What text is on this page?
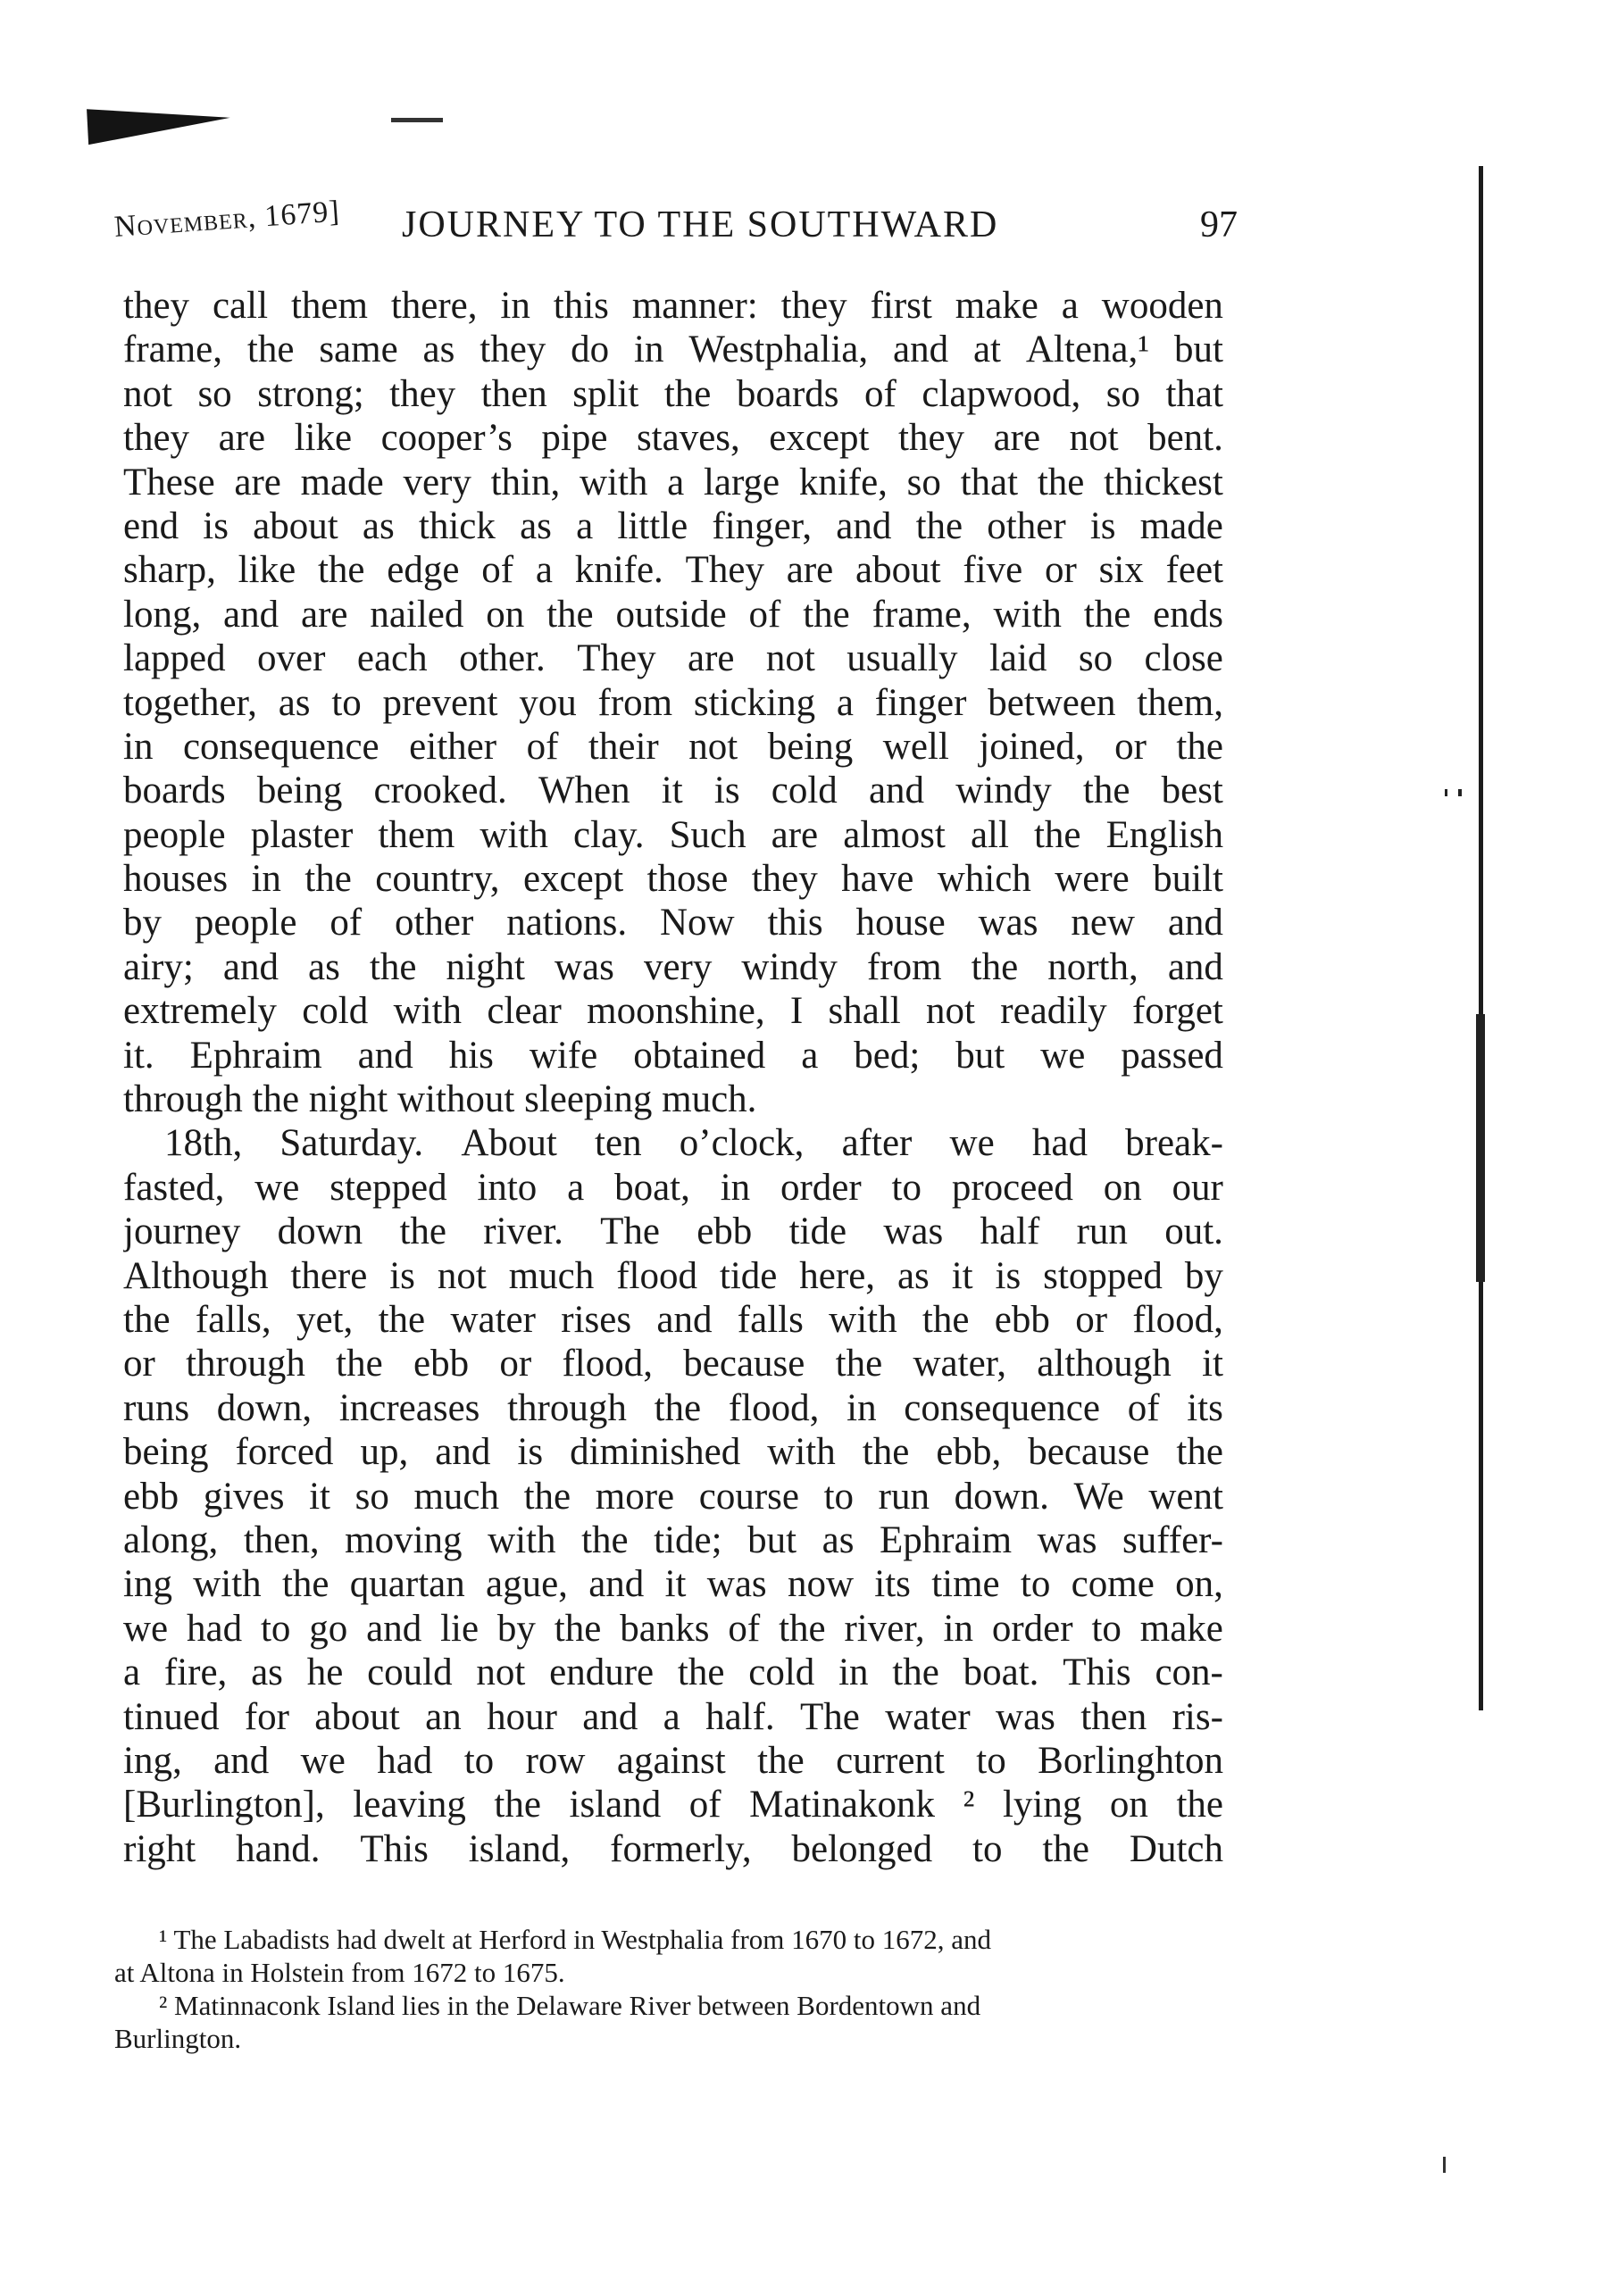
November, 1679] JOURNEY TO THE SOUTHWARD	97
they call them there, in this manner: they first make a wooden
frame, the same as they do in Westphalia, and at Altena,¹ but
not so strong; they then split the boards of clapwood, so that
they are like cooper’s pipe staves, except they are not bent.
These are made very thin, with a large knife, so that the thickest
end is about as thick as a little finger, and the other is made
sharp, like the edge of a knife. They are about five or six feet
long, and are nailed on the outside of the frame, with the ends
lapped over each other. They are not usually laid so close
together, as to prevent you from sticking a finger between them,
in consequence either of their not being well joined, or the
boards being crooked. When it is cold and windy the best
people plaster them with clay. Such are almost all the English
houses in the country, except those they have which were built
by people of other nations. Now this house was new and
airy; and as the night was very windy from the north, and
extremely cold with clear moonshine, I shall not readily forget
it. Ephraim and his wife obtained a bed; but we passed
through the night without sleeping much.
18th, Saturday. About ten o’clock, after we had break-
fasted, we stepped into a boat, in order to proceed on our
journey down the river. The ebb tide was half run out.
Although there is not much flood tide here, as it is stopped by
the falls, yet, the water rises and falls with the ebb or flood,
or through the ebb or flood, because the water, although it
runs down, increases through the flood, in consequence of its
being forced up, and is diminished with the ebb, because the
ebb gives it so much the more course to run down. We went
along, then, moving with the tide; but as Ephraim was suffer-
ing with the quartan ague, and it was now its time to come on,
we had to go and lie by the banks of the river, in order to make
a fire, as he could not endure the cold in the boat. This con-
tinued for about an hour and a half. The water was then ris-
ing, and we had to row against the current to Borlinghton
[Burlington], leaving the island of Matinakonk ² lying on the
right hand. This island, formerly, belonged to the Dutch
¹ The Labadists had dwelt at Herford in Westphalia from 1670 to 1672, and
at Altona in Holstein from 1672 to 1675.
² Matinnaconk Island lies in the Delaware River between Bordentown and
Burlington.
